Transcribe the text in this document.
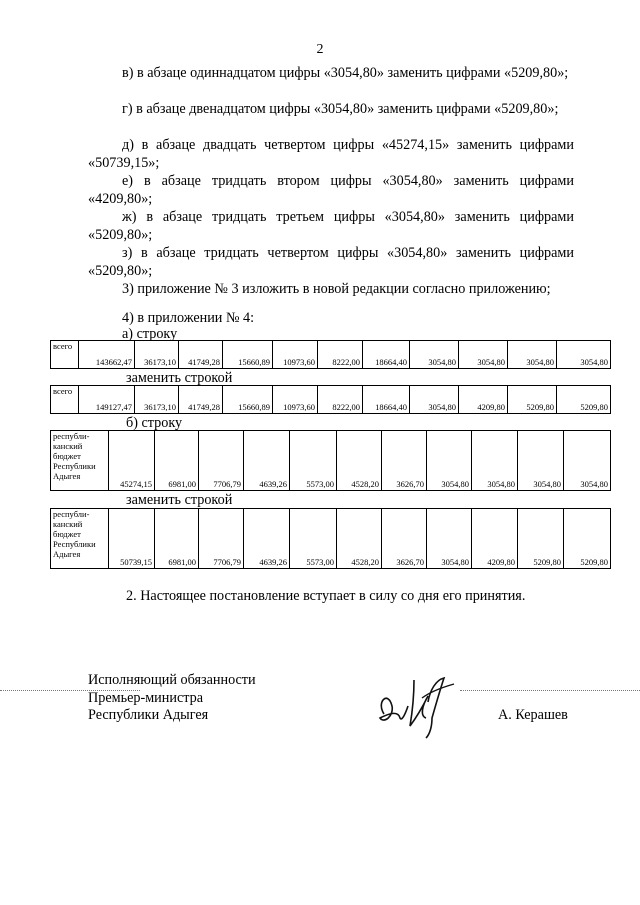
2
в) в абзаце одиннадцатом цифры «3054,80» заменить цифрами «5209,80»;
г) в абзаце двенадцатом цифры «3054,80» заменить цифрами «5209,80»;
д) в абзаце двадцать четвертом цифры «45274,15» заменить цифрами «50739,15»;
е) в абзаце тридцать втором цифры «3054,80» заменить цифрами «4209,80»;
ж) в абзаце тридцать третьем цифры «3054,80» заменить цифрами «5209,80»;
з) в абзаце тридцать четвертом цифры «3054,80» заменить цифрами «5209,80»;
3) приложение № 3 изложить в новой редакции согласно приложению;
4) в приложении № 4:
а) строку
всего	143662,47	36173,10	41749,28	15660,89	10973,60	8222,00	18664,40	3054,80	3054,80	3054,80	3054,80
заменить строкой
всего	149127,47	36173,10	41749,28	15660,89	10973,60	8222,00	18664,40	3054,80	4209,80	5209,80	5209,80
б) строку
республи-канский бюджет Республики Адыгея	45274,15	6981,00	7706,79	4639,26	5573,00	4528,20	3626,70	3054,80	3054,80	3054,80	3054,80
заменить строкой
республи-канский бюджет Республики Адыгея	50739,15	6981,00	7706,79	4639,26	5573,00	4528,20	3626,70	3054,80	4209,80	5209,80	5209,80
2. Настоящее постановление вступает в силу со дня его принятия.
Исполняющий обязанности
Премьер-министра
Республики Адыгея	А. Керашев
